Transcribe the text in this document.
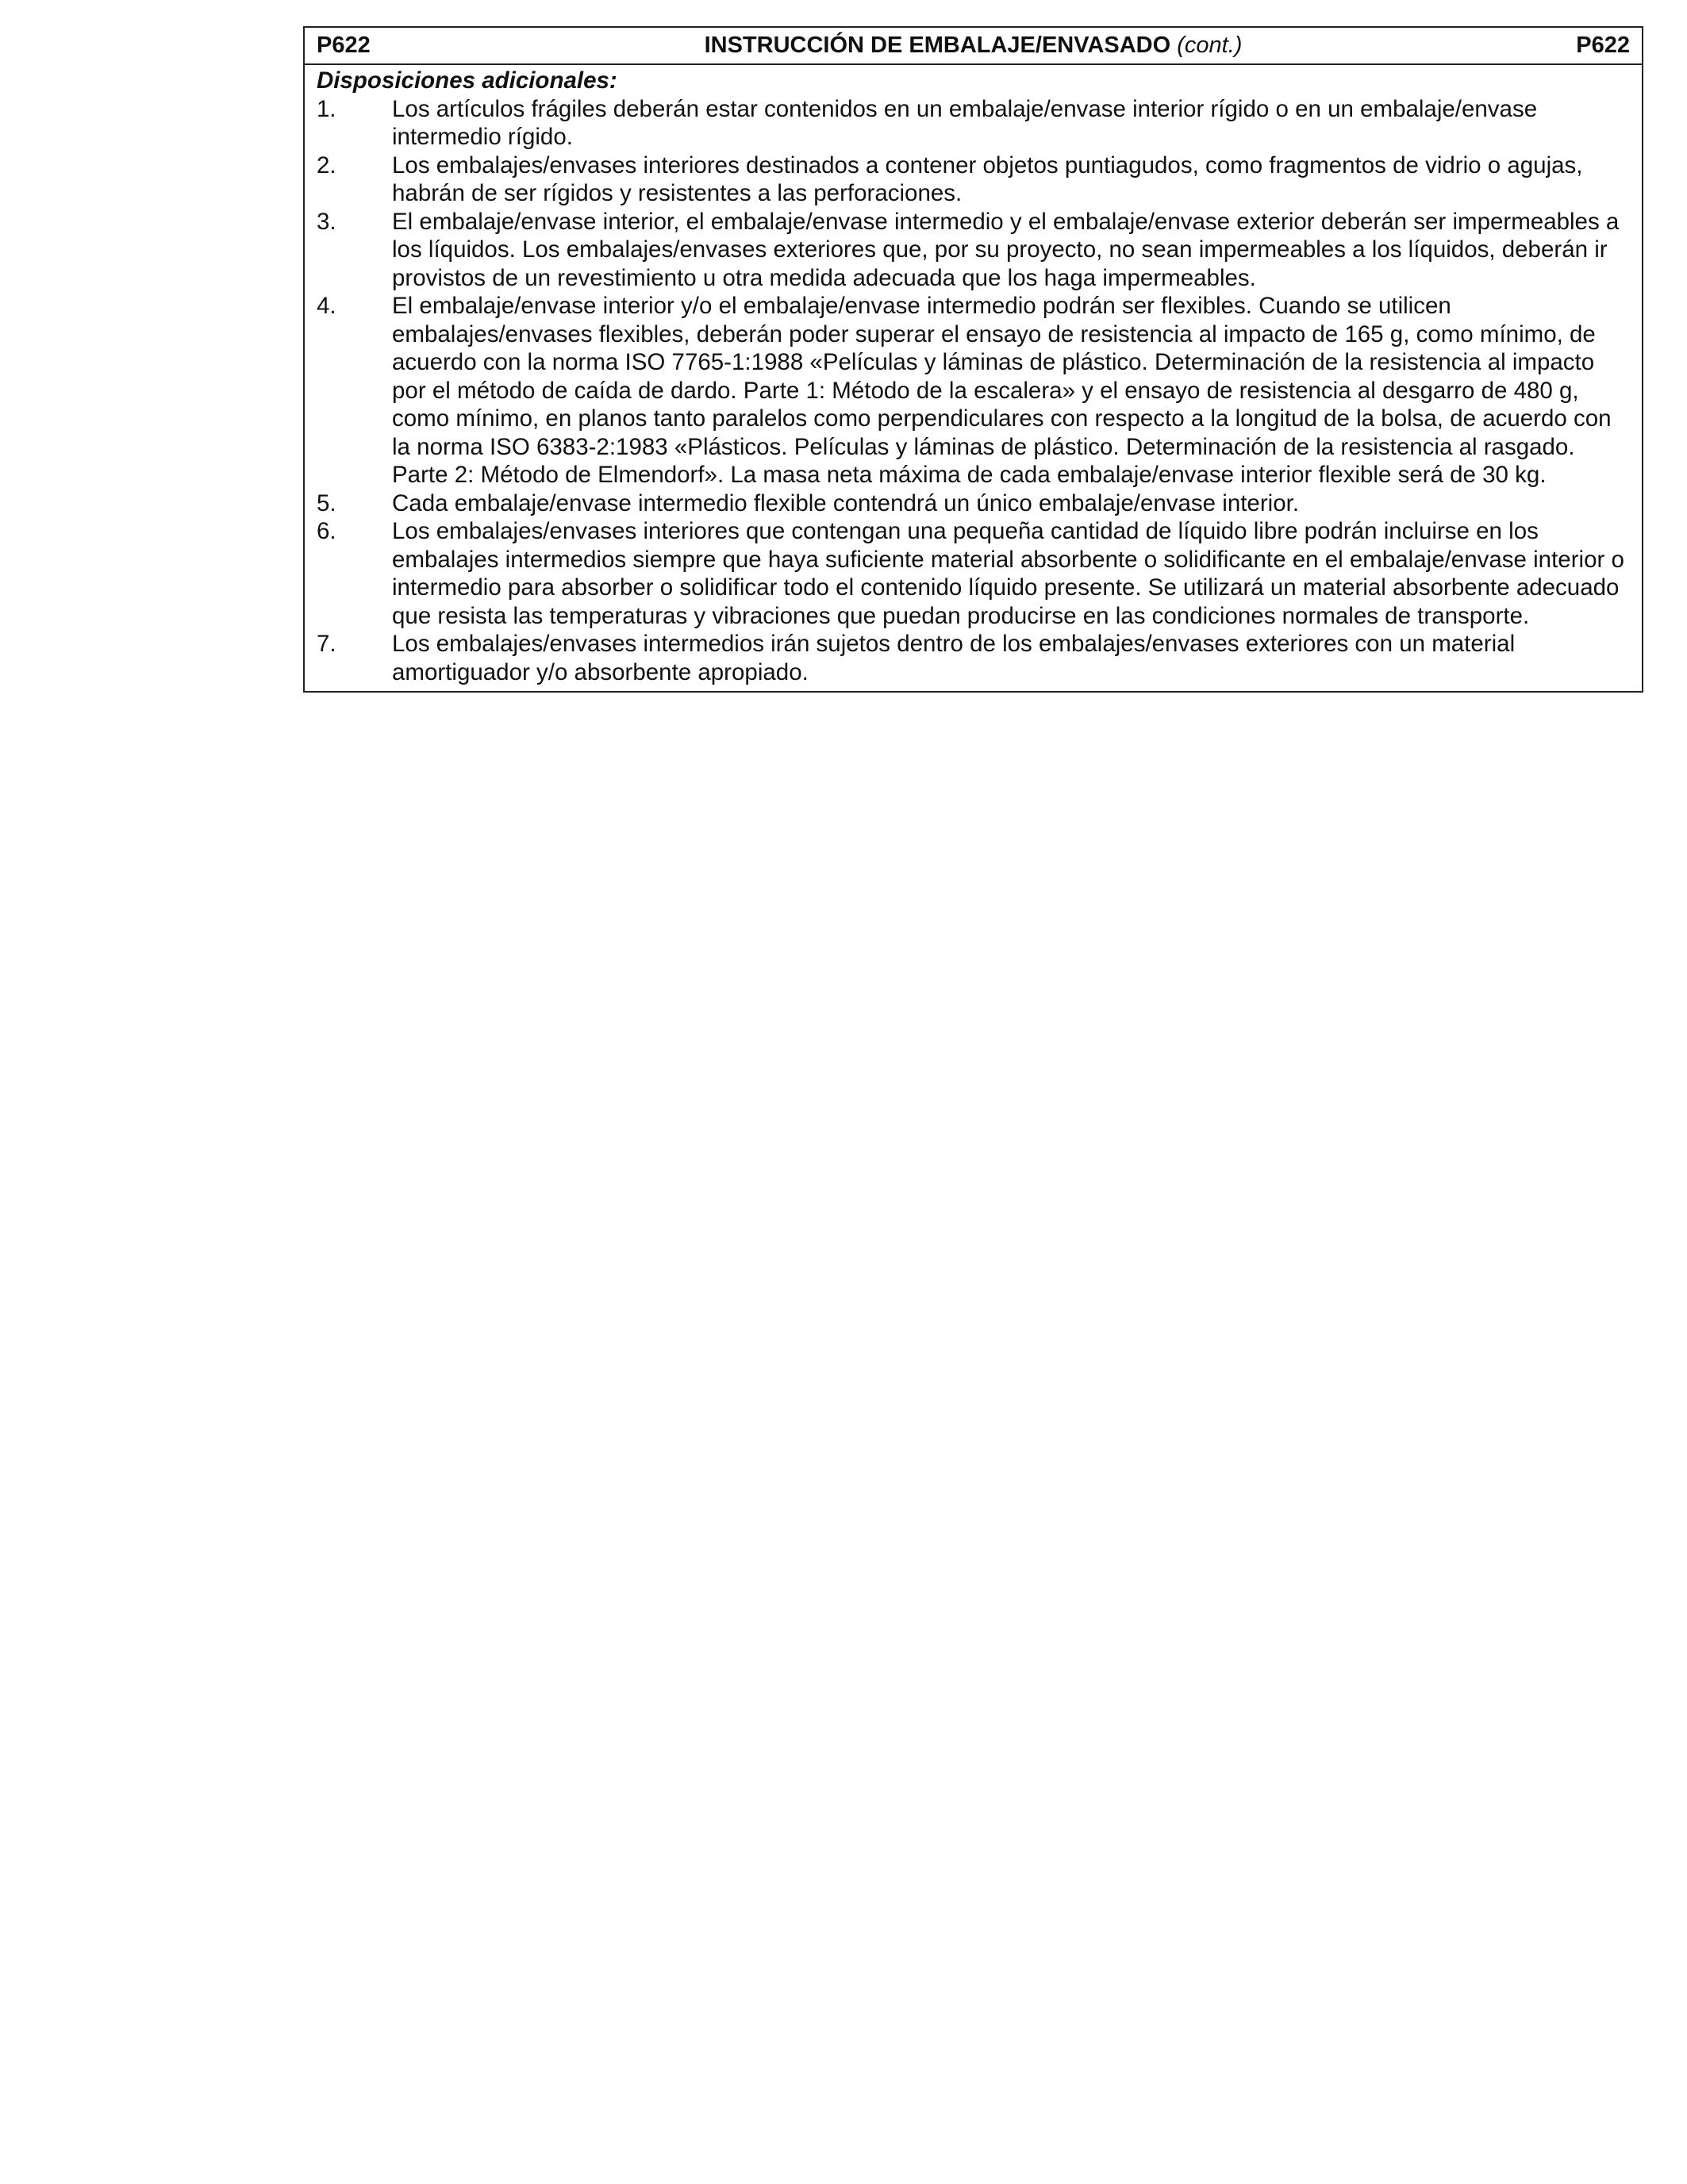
P622	INSTRUCCIÓN DE EMBALAJE/ENVASADO (cont.)	P622
Disposiciones adicionales:
1.	Los artículos frágiles deberán estar contenidos en un embalaje/envase interior rígido o en un embalaje/envase intermedio rígido.
2.	Los embalajes/envases interiores destinados a contener objetos puntiagudos, como fragmentos de vidrio o agujas, habrán de ser rígidos y resistentes a las perforaciones.
3.	El embalaje/envase interior, el embalaje/envase intermedio y el embalaje/envase exterior deberán ser impermeables a los líquidos. Los embalajes/envases exteriores que, por su proyecto, no sean impermeables a los líquidos, deberán ir provistos de un revestimiento u otra medida adecuada que los haga impermeables.
4.	El embalaje/envase interior y/o el embalaje/envase intermedio podrán ser flexibles. Cuando se utilicen embalajes/envases flexibles, deberán poder superar el ensayo de resistencia al impacto de 165 g, como mínimo, de acuerdo con la norma ISO 7765-1:1988 «Películas y láminas de plástico. Determinación de la resistencia al impacto por el método de caída de dardo. Parte 1: Método de la escalera» y el ensayo de resistencia al desgarro de 480 g, como mínimo, en planos tanto paralelos como perpendiculares con respecto a la longitud de la bolsa, de acuerdo con la norma ISO 6383-2:1983 «Plásticos. Películas y láminas de plástico. Determinación de la resistencia al rasgado. Parte 2: Método de Elmendorf». La masa neta máxima de cada embalaje/envase interior flexible será de 30 kg.
5.	Cada embalaje/envase intermedio flexible contendrá un único embalaje/envase interior.
6.	Los embalajes/envases interiores que contengan una pequeña cantidad de líquido libre podrán incluirse en los embalajes intermedios siempre que haya suficiente material absorbente o solidificante en el embalaje/envase interior o intermedio para absorber o solidificar todo el contenido líquido presente. Se utilizará un material absorbente adecuado que resista las temperaturas y vibraciones que puedan producirse en las condiciones normales de transporte.
7.	Los embalajes/envases intermedios irán sujetos dentro de los embalajes/envases exteriores con un material amortiguador y/o absorbente apropiado.
